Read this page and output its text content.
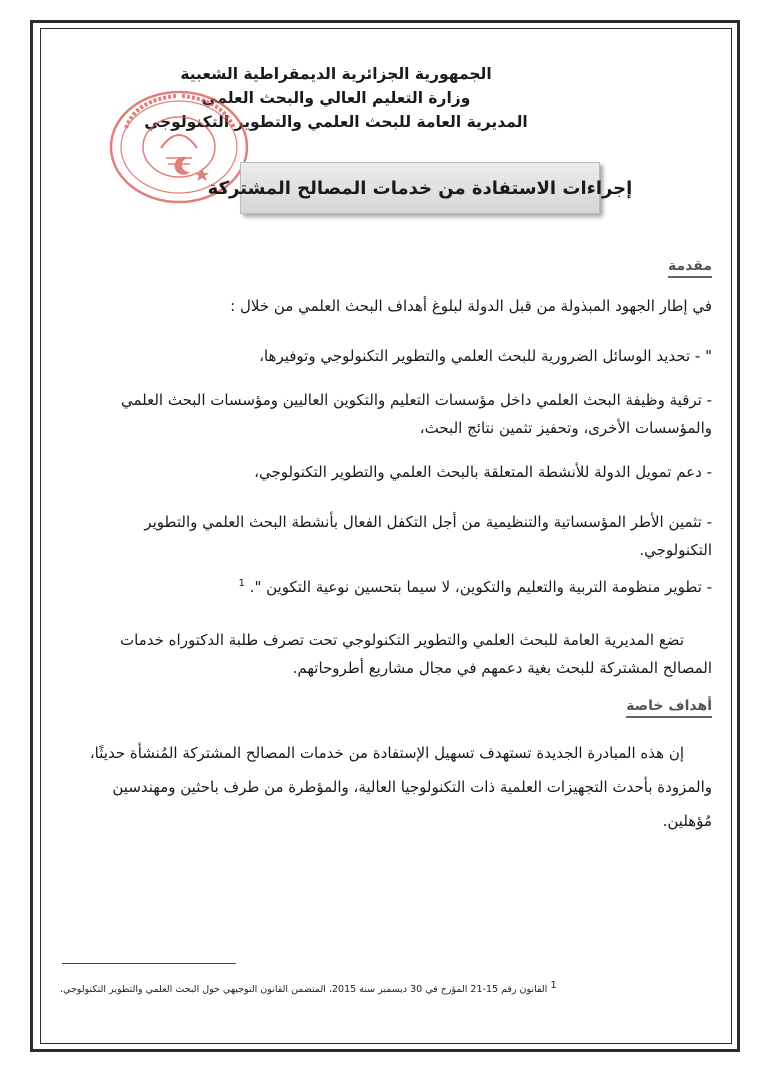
الجمهورية الجزائرية الديمقراطية الشعبية
وزارة التعليم العالي والبحث العلمي
المديرية العامة للبحث العلمي والتطوير التكنولوجي
إجراءات الاستفادة من خدمات المصالح المشتركة
مقدمة
في إطار الجهود المبذولة من قبل الدولة لبلوغ أهداف البحث العلمي من خلال :
" - تحديد الوسائل الضرورية للبحث العلمي والتطوير التكنولوجي وتوفيرها،
- ترقية وظيفة البحث العلمي داخل مؤسسات التعليم والتكوين العاليين ومؤسسات البحث العلمي
والمؤسسات الأخرى، وتحفيز تثمين نتائج البحث،
- دعم تمويل الدولة للأنشطة المتعلقة بالبحث العلمي والتطوير التكنولوجي،
- تثمين الأطر المؤسساتية والتنظيمية من أجل التكفل الفعال بأنشطة البحث العلمي والتطوير
التكنولوجي.
- تطوير منظومة التربية والتعليم والتكوين، لا سيما بتحسين نوعية التكوين ". $^1$
تضع المديرية العامة للبحث العلمي والتطوير التكنولوجي تحت تصرف طلبة الدكتوراه خدمات
المصالح المشتركة للبحث بغية دعمهم في مجال مشاريع أطروحاتهم.
أهداف خاصة
إن هذه المبادرة الجديدة تستهدف تسهيل الإستفادة من خدمات المصالح المشتركة المُنشأة حديثًا،
والمزودة بأحدث التجهيزات العلمية ذات التكنولوجيا العالية، والمؤطرة من طرف باحثين ومهندسين
مُؤهلين.
1 القانون رقم 15-21 المؤرخ في 30 ديسمبر سنة 2015، المتضمن القانون التوجيهي حول البحث العلمي والتطوير التكنولوجي.
